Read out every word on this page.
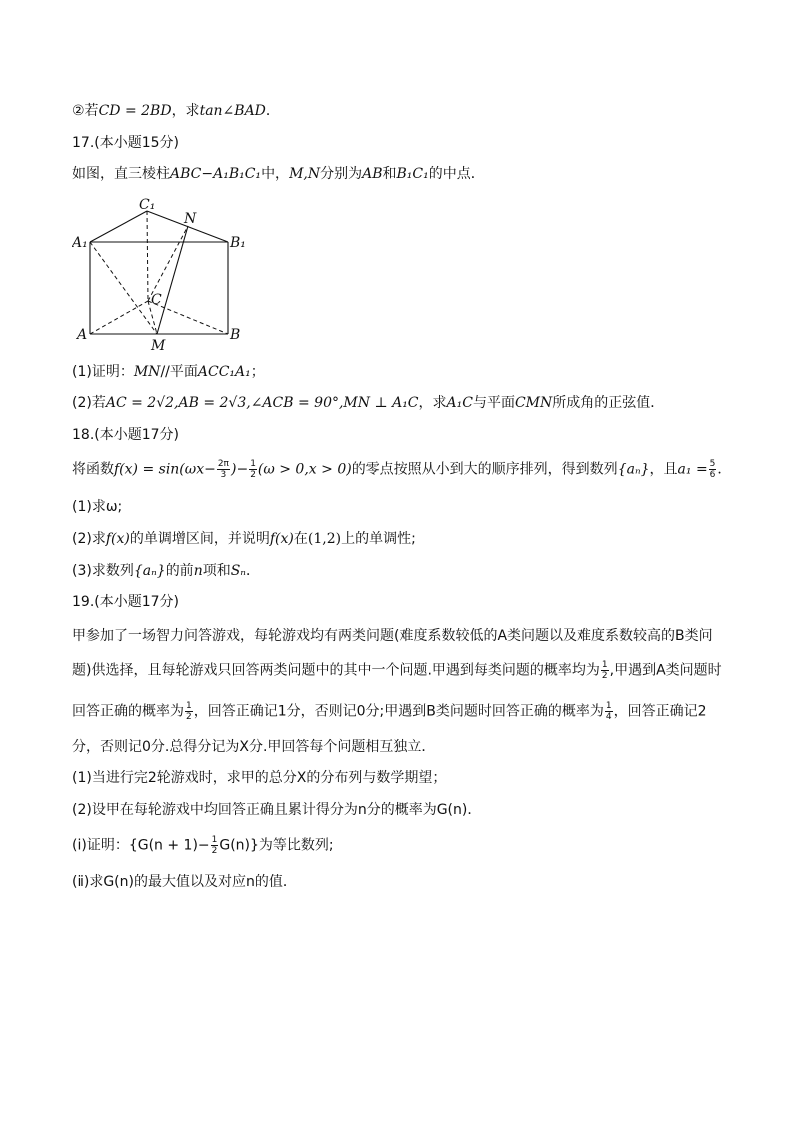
②若CD = 2BD，求tan∠BAD．
17.(本小题15分)
如图，直三棱柱ABC−A₁B₁C₁中，M,N分别为AB和B₁C₁的中点．
C₁
N
A₁	B₁
C
A	B
M
(1)证明：MN//平面ACC₁A₁；
(2)若AC = 2√2,AB = 2√3,∠ACB = 90°,MN ⊥ A₁C，求A₁C与平面CMN所成角的正弦值．
18.(本小题17分)
将函数$f(x) = \sin(\omega x- \frac{2\pi}{3}$ )− $\frac{1}{2} (\omega > 0,x > 0)$的零点按照从小到大的顺序排列，得到数列{aₙ}，且$a_1 = \frac{5}{6}$ ．
(1)求ω;
(2)求f(x)的单调增区间，并说明f(x)在(1,2)上的单调性;
(3)求数列{aₙ}的前n项和Sₙ．
19.(本小题17分)
甲参加了一场智力问答游戏，每轮游戏均有两类问题(难度系数较低的A类问题以及难度系数较高的B类问
题)供选择，且每轮游戏只回答两类问题中的其中一个问题.甲遇到每类问题的概率均为 $\frac{1}{2}$ ,甲遇到A类问题时
回答正确的概率为 $\frac{1}{2}$ ，回答正确记1分，否则记0分;甲遇到B类问题时回答正确的概率为 $\frac{1}{4}$ ，回答正确记2
分，否则记0分.总得分记为X分.甲回答每个问题相互独立．
(1)当进行完2轮游戏时，求甲的总分X的分布列与数学期望；
(2)设甲在每轮游戏中均回答正确且累计得分为n分的概率为G(n)．
(ⅰ)证明：$\{G(n + 1)- \frac{1}{2} G(n)\}$为等比数列;
(ⅱ)求G(n)的最大值以及对应n的值．
